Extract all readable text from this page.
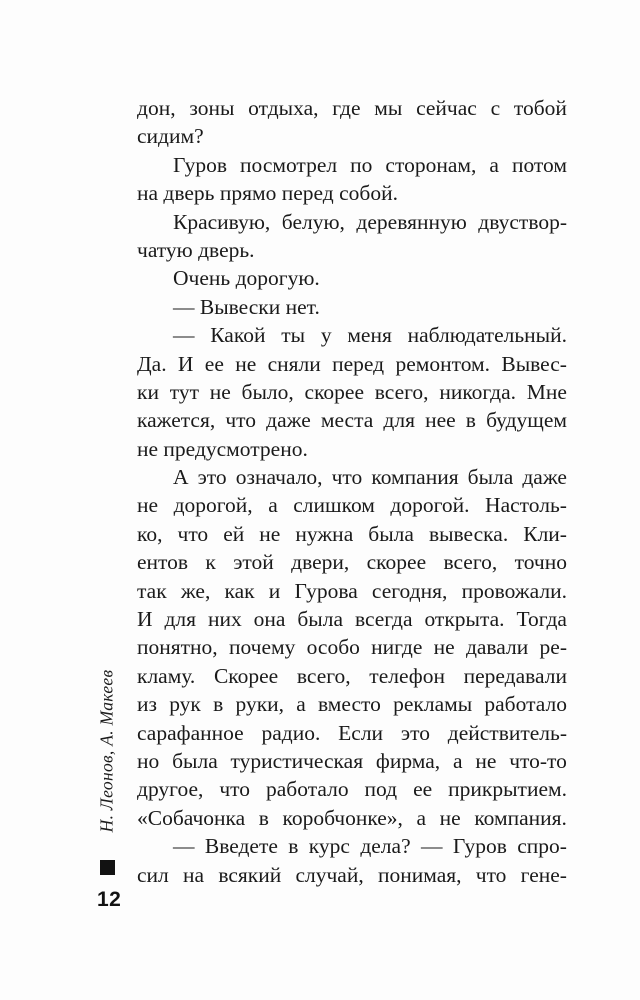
Н. Леонов, А. Макеев
12
дон, зоны отдыха, где мы сейчас с тобой
сидим?
Гуров посмотрел по сторонам, а потом
на дверь прямо перед собой.
Красивую, белую, деревянную двуствор-
чатую дверь.
Очень дорогую.
— Вывески нет.
— Какой ты у меня наблюдательный.
Да. И ее не сняли перед ремонтом. Вывес-
ки тут не было, скорее всего, никогда. Мне
кажется, что даже места для нее в будущем
не предусмотрено.
А это означало, что компания была даже
не дорогой, а слишком дорогой. Настоль-
ко, что ей не нужна была вывеска. Кли-
ентов к этой двери, скорее всего, точно
так же, как и Гурова сегодня, провожали.
И для них она была всегда открыта. Тогда
понятно, почему особо нигде не давали ре-
кламу. Скорее всего, телефон передавали
из рук в руки, а вместо рекламы работало
сарафанное радио. Если это действитель-
но была туристическая фирма, а не что-то
другое, что работало под ее прикрытием.
«Собачонка в коробчонке», а не компания.
— Введете в курс дела? — Гуров спро-
сил на всякий случай, понимая, что гене-
